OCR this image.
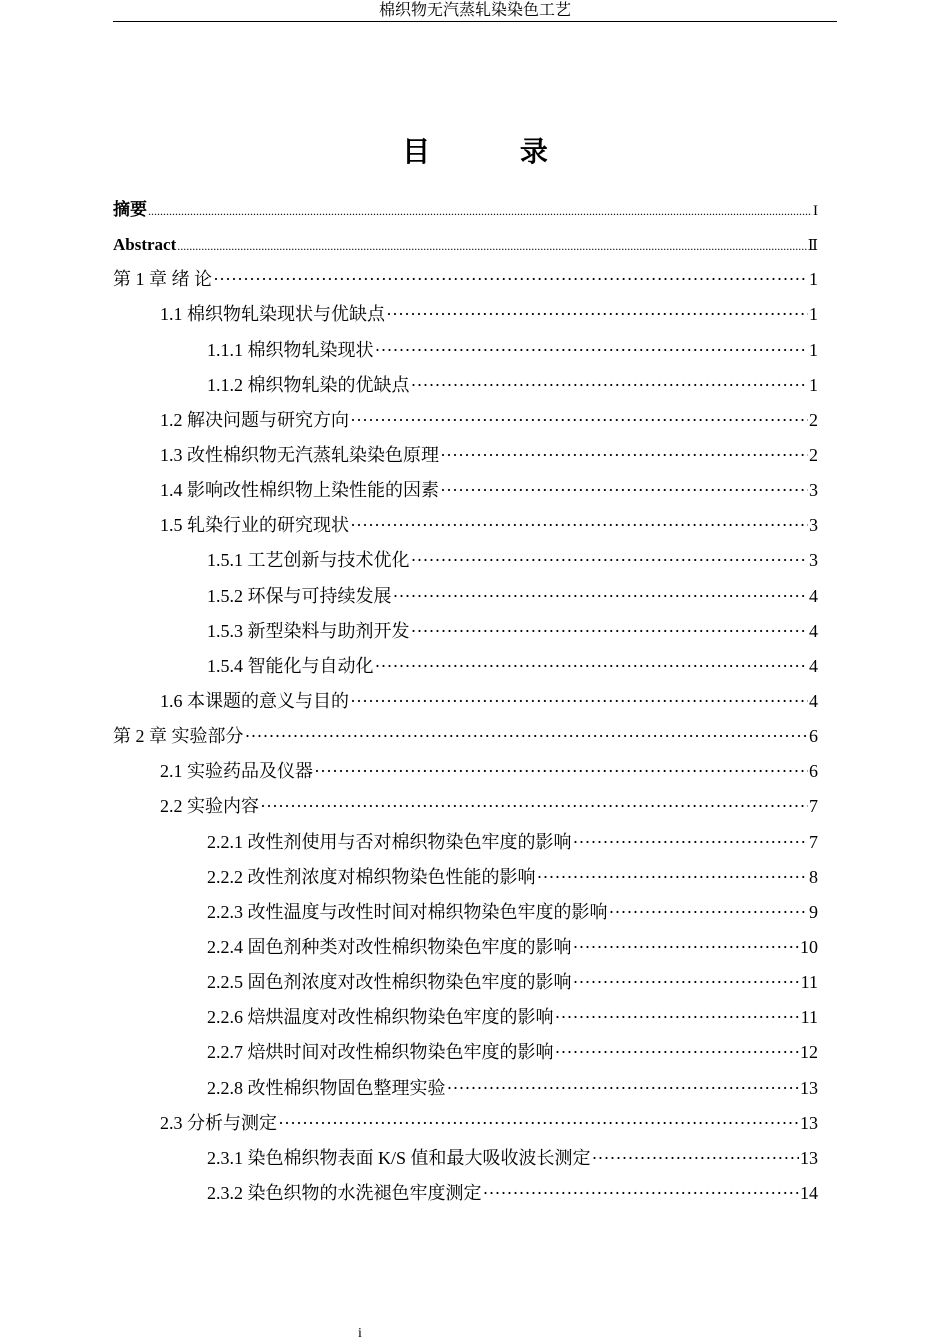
棉织物无汽蒸轧染染色工艺
目 录
摘要 .....	I
Abstract .....	Ⅱ
第 1 章 绪 论 ·····	1
1.1 棉织物轧染现状与优缺点 ·····	1
1.1.1 棉织物轧染现状 ·····	1
1.1.2 棉织物轧染的优缺点 ·····	1
1.2 解决问题与研究方向 ·····	2
1.3 改性棉织物无汽蒸轧染染色原理 ·····	2
1.4 影响改性棉织物上染性能的因素 ·····	3
1.5 轧染行业的研究现状 ·····	3
1.5.1 工艺创新与技术优化 ·····	3
1.5.2 环保与可持续发展 ·····	4
1.5.3 新型染料与助剂开发 ·····	4
1.5.4 智能化与自动化 ·····	4
1.6 本课题的意义与目的 ·····	4
第 2 章 实验部分 ·····	6
2.1 实验药品及仪器 ·····	6
2.2 实验内容 ·····	7
2.2.1 改性剂使用与否对棉织物染色牢度的影响 ·····	7
2.2.2 改性剂浓度对棉织物染色性能的影响 ·····	8
2.2.3 改性温度与改性时间对棉织物染色牢度的影响 ·····	9
2.2.4 固色剂种类对改性棉织物染色牢度的影响 ·····	10
2.2.5 固色剂浓度对改性棉织物染色牢度的影响 ·····	11
2.2.6 焙烘温度对改性棉织物染色牢度的影响 ·····	11
2.2.7 焙烘时间对改性棉织物染色牢度的影响 ·····	12
2.2.8 改性棉织物固色整理实验 ·····	13
2.3 分析与测定 ·····	13
2.3.1 染色棉织物表面 K/S 值和最大吸收波长测定 ·····	13
2.3.2 染色织物的水洗褪色牢度测定 ·····	14
i
